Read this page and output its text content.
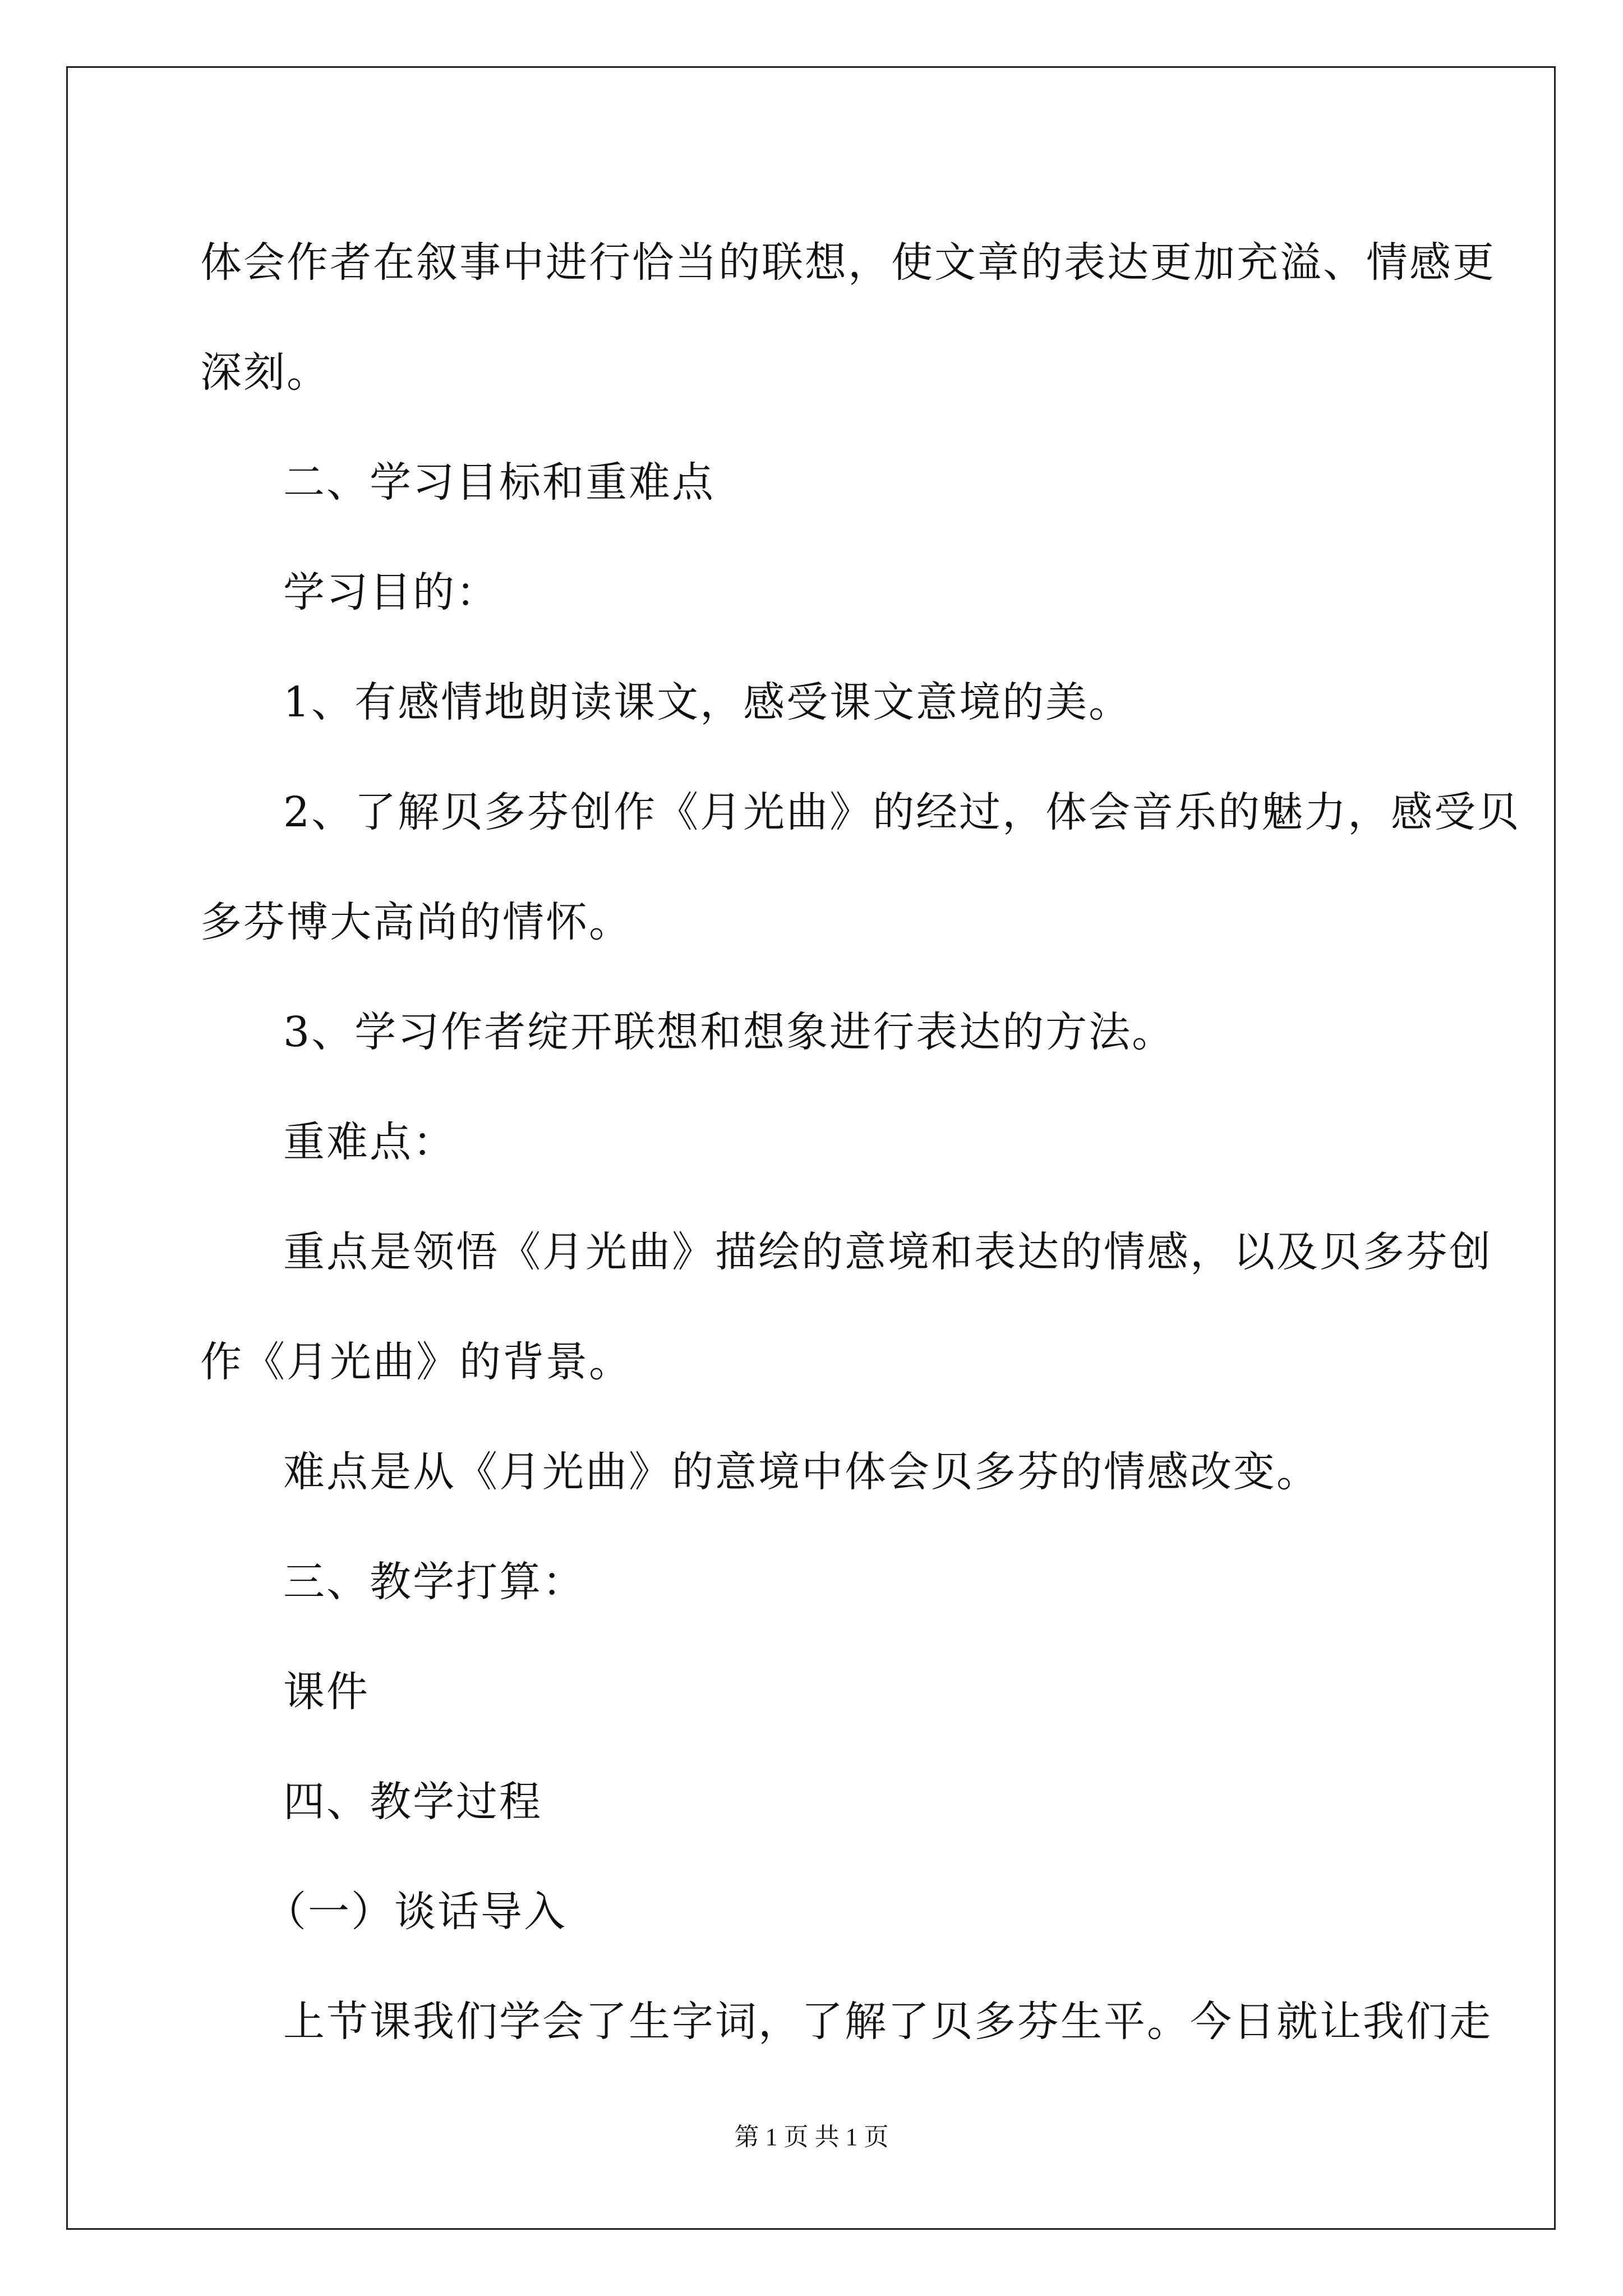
体会作者在叙事中进行恰当的联想，使文章的表达更加充溢、情感更

深刻。

二、学习目标和重难点

学习目的：

1、有感情地朗读课文，感受课文意境的美。

2、了解贝多芬创作《月光曲》的经过，体会音乐的魅力，感受贝

多芬博大高尚的情怀。

3、学习作者绽开联想和想象进行表达的方法。

重难点：

重点是领悟《月光曲》描绘的意境和表达的情感，以及贝多芬创

作《月光曲》的背景。

难点是从《月光曲》的意境中体会贝多芬的情感改变。

三、教学打算：

课件

四、教学过程

（一）谈话导入

上节课我们学会了生字词，了解了贝多芬生平。今日就让我们走

第 1 页 共 1 页
